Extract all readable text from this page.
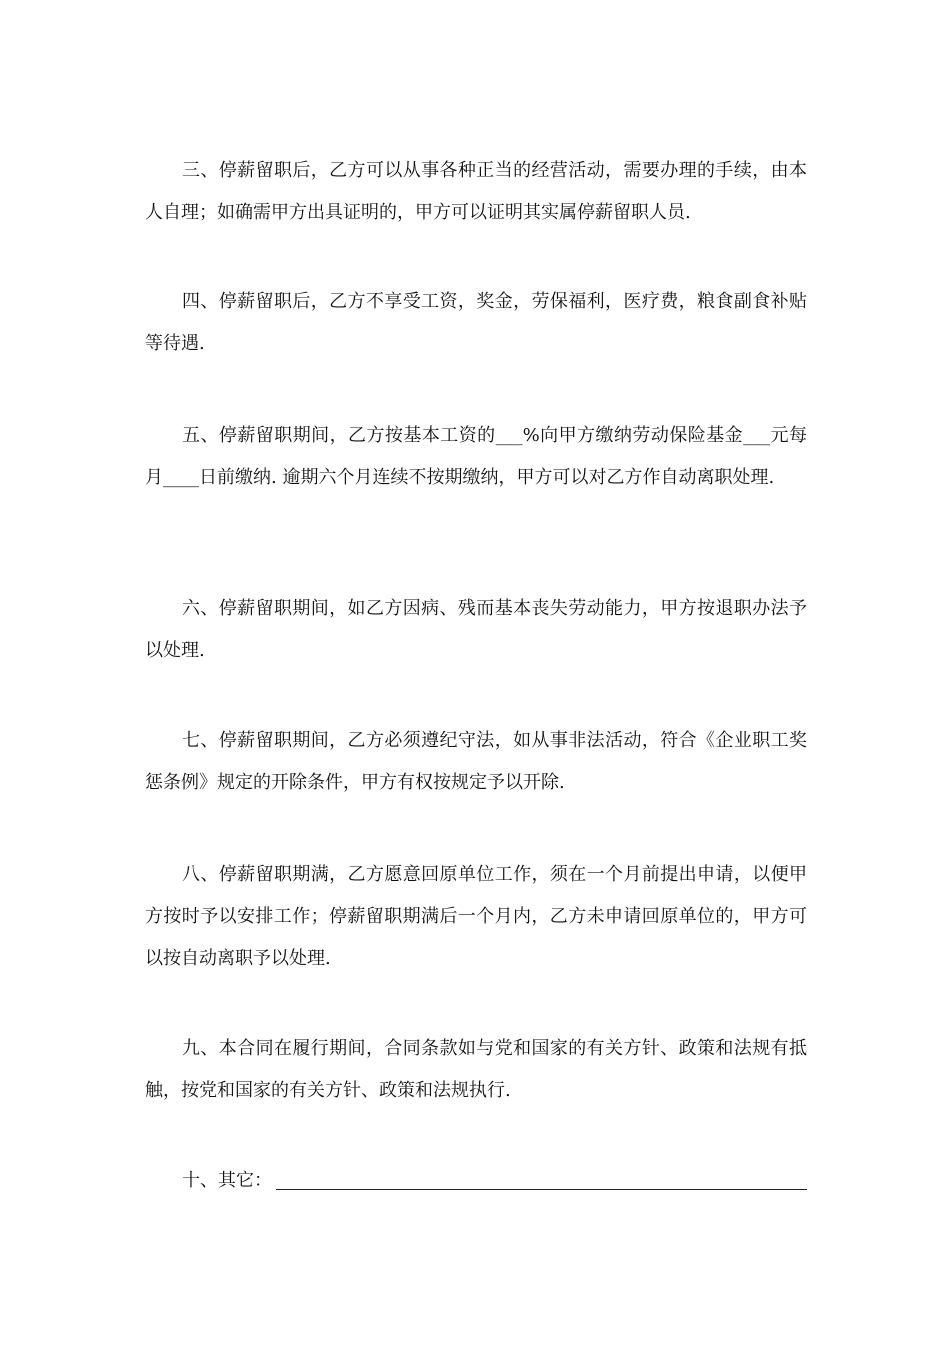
三、停薪留职后，乙方可以从事各种正当的经营活动，需要办理的手续，由本人自理；如确需甲方出具证明的，甲方可以证明其实属停薪留职人员.

四、停薪留职后，乙方不享受工资，奖金，劳保福利，医疗费，粮食副食补贴等待遇.

五、停薪留职期间，乙方按基本工资的___%向甲方缴纳劳动保险基金___元每月____日前缴纳. 逾期六个月连续不按期缴纳，甲方可以对乙方作自动离职处理.

六、停薪留职期间，如乙方因病、残而基本丧失劳动能力，甲方按退职办法予以处理.

七、停薪留职期间，乙方必须遵纪守法，如从事非法活动，符合《企业职工奖惩条例》规定的开除条件，甲方有权按规定予以开除.

八、停薪留职期满，乙方愿意回原单位工作，须在一个月前提出申请，以便甲方按时予以安排工作；停薪留职期满后一个月内，乙方未申请回原单位的，甲方可以按自动离职予以处理.

九、本合同在履行期间，合同条款如与党和国家的有关方针、政策和法规有抵触，按党和国家的有关方针、政策和法规执行.

十、其它：
